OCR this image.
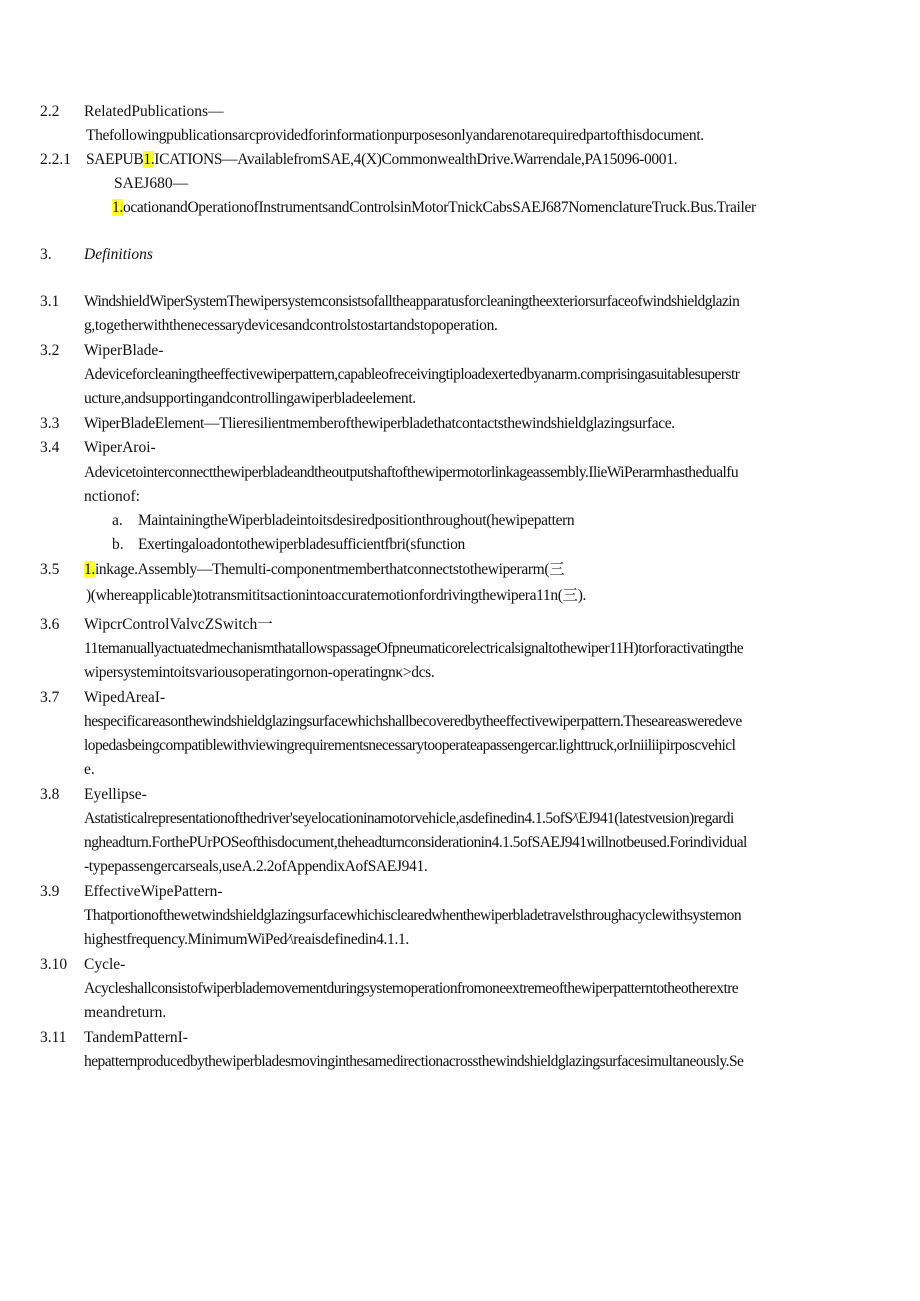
2.2 RelatedPublications—
Thefollowingpublicationsarcprovidedforinformationpurposesonlyandarenotarequiredpartofthisdocument.
2.2.1 SAEPUB1.ICATIONS—AvailablefromSAE,4(X)CommonwealthDrive.Warrendale,PA15096-0001.
SAEJ680—
1.ocationandOperationofInstrumentsandControlsinMotorTnickCabsSAEJ687NomenclatureTruck.Bus.Trailer
3. Definitions
3.1 WindshieldWiperSystemThewipersystemconsistsofalltheapparatusforcleaningtheexteriorsurfaceofwindshieldglazin
g,togetherwiththenecessarydevicesandcontrolstostartandstopoperation.
3.2 WiperBlade-
Adeviceforcleaningtheeffectivewiperpattern,capableofreceivingtiploadexertedbyanarm.comprisingasuitablesuperstr
ucture,andsupportingandcontrollingawiperbladeelement.
3.3 WiperBladeElement—Tlieresilientmemberofthewiperbladethatcontactsthewindshieldglazingsurface.
3.4 WiperAroi-
Adevicetointerconnectthewiperbladeandtheoutputshaftofthewipermotorlinkageassembly.IlieWiPerarmhasthedualfu
nctionof:
a. MaintainingtheWiperbladeintoitsdesiredpositionthroughout(hewipepattern
b. Exertingaloadontothewiperbladesufficientfbri(sfunction
3.5 1.inkage.Assembly—Themulti-componentmemberthatconnectstothewiperarm(三
)(whereapplicable)totransmititsactionintoaccuratemotionfordrivingthewipera11n(三).
3.6 WipcrControlValvcZSwitch一
11temanuallyactuatedmechanismthatallowspassageOfpneumaticorelectricalsignaltothewiper11H)torforactivatingthe
wipersystemintoitsvariousoperatingornon-operatingnκ>dcs.
3.7 WipedAreaI-
hespecificareasonthewindshieldglazingsurfacewhichshallbecoveredbytheeffectivewiperpattern.Theseareasweredeve
lopedasbeingcompatiblewithviewingrequirementsnecessarytooperateapassengercar.lighttruck,orIniiliipirposcvehicl
e.
3.8 Eyellipse-
Astatisticalrepresentationofthedriver'seyelocationinamotorvehicle,asdefinedin4.1.5ofS∕\EJ941(latestveιsion)regardi
ngheadturn.ForthePUrPOSeofthisdocument,theheadturnconsiderationin4.1.5ofSAEJ941willnotbeused.Forindividual
-typepassengercarseals,useA.2.2ofAppendixAofSAEJ941.
3.9 EffectiveWipePattern-
Thatportionofthewetwindshieldglazingsurfacewhichisclearedwhenthewiperbladetravelsthroughacyclewithsystemon
highestfrequency.MinimumWiPed∕\reaisdefinedin4.1.1.
3.10 Cycle-
Acycleshallconsistofwiperblademovementduringsystemoperationfromoneextremeofthewiperpatterntotheotherextre
meandreturn.
3.11 TandemPatternI-
hepatternproducedbythewiperbladesmovinginthesamedirectionacrossthewindshieldglazingsurfacesimultaneously.Se
